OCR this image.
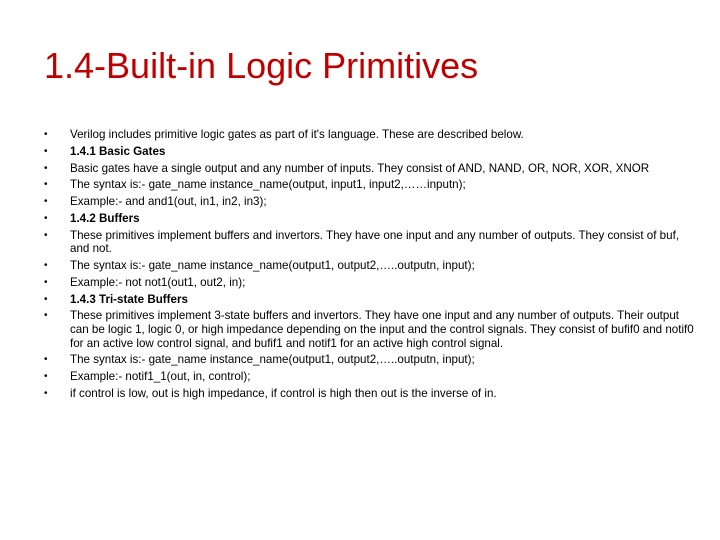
1.4-Built-in Logic Primitives
• Verilog includes primitive logic gates as part of it's language. These are described below.
• 1.4.1 Basic Gates
• Basic gates have a single output and any number of inputs. They consist of AND, NAND, OR, NOR, XOR, XNOR
• The syntax is:- gate_name instance_name(output, input1, input2,……inputn);
• Example:- and and1(out, in1, in2, in3);
• 1.4.2 Buffers
• These primitives implement buffers and invertors. They have one input and any number of outputs. They consist of buf, and not.
• The syntax is:- gate_name instance_name(output1, output2,…..outputn, input);
• Example:- not not1(out1, out2, in);
• 1.4.3 Tri-state Buffers
• These primitives implement 3-state buffers and invertors. They have one input and any number of outputs. Their output can be logic 1, logic 0, or high impedance depending on the input and the control signals. They consist of bufif0 and notif0 for an active low control signal, and bufif1 and notif1 for an active high control signal.
• The syntax is:- gate_name instance_name(output1, output2,…..outputn, input);
• Example:- notif1_1(out, in, control);
• if control is low, out is high impedance, if control is high then out is the inverse of in.
